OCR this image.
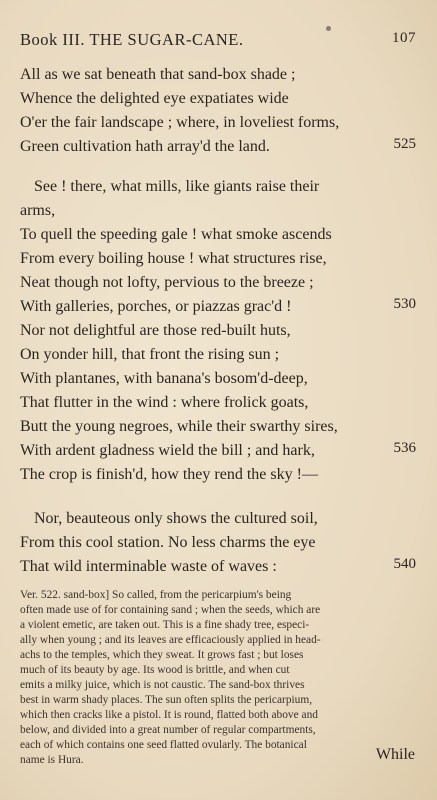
Book III. THE SUGAR-CANE.	107
All as we sat beneath that sand-box shade ;
Whence the delighted eye expatiates wide
O'er the fair landscape ; where, in loveliest forms,
Green cultivation hath array'd the land.	525
See ! there, what mills, like giants raise their
arms,
To quell the speeding gale ! what smoke ascends
From every boiling house ! what structures rise,
Neat though not lofty, pervious to the breeze ;
With galleries, porches, or piazzas grac'd !	530
Nor not delightful are those red-built huts,
On yonder hill, that front the rising sun ;
With plantanes, with banana's bosom'd-deep,
That flutter in the wind : where frolick goats,
Butt the young negroes, while their swarthy sires,
With ardent gladness wield the bill ; and hark,	536
The crop is finish'd, how they rend the sky !—
Nor, beauteous only shows the cultured soil,
From this cool station. No less charms the eye
That wild interminable waste of waves :	540
Ver. 522. sand-box] So called, from the pericarpium's being
often made use of for containing sand ; when the seeds, which are
a violent emetic, are taken out. This is a fine shady tree, especi-
ally when young ; and its leaves are efficaciously applied in head-
achs to the temples, which they sweat. It grows fast ; but loses
much of its beauty by age. Its wood is brittle, and when cut
emits a milky juice, which is not caustic. The sand-box thrives
best in warm shady places. The sun often splits the pericarpium,
which then cracks like a pistol. It is round, flatted both above and
below, and divided into a great number of regular compartments,
each of which contains one seed flatted ovularly. The botanical
name is Hura.	While
